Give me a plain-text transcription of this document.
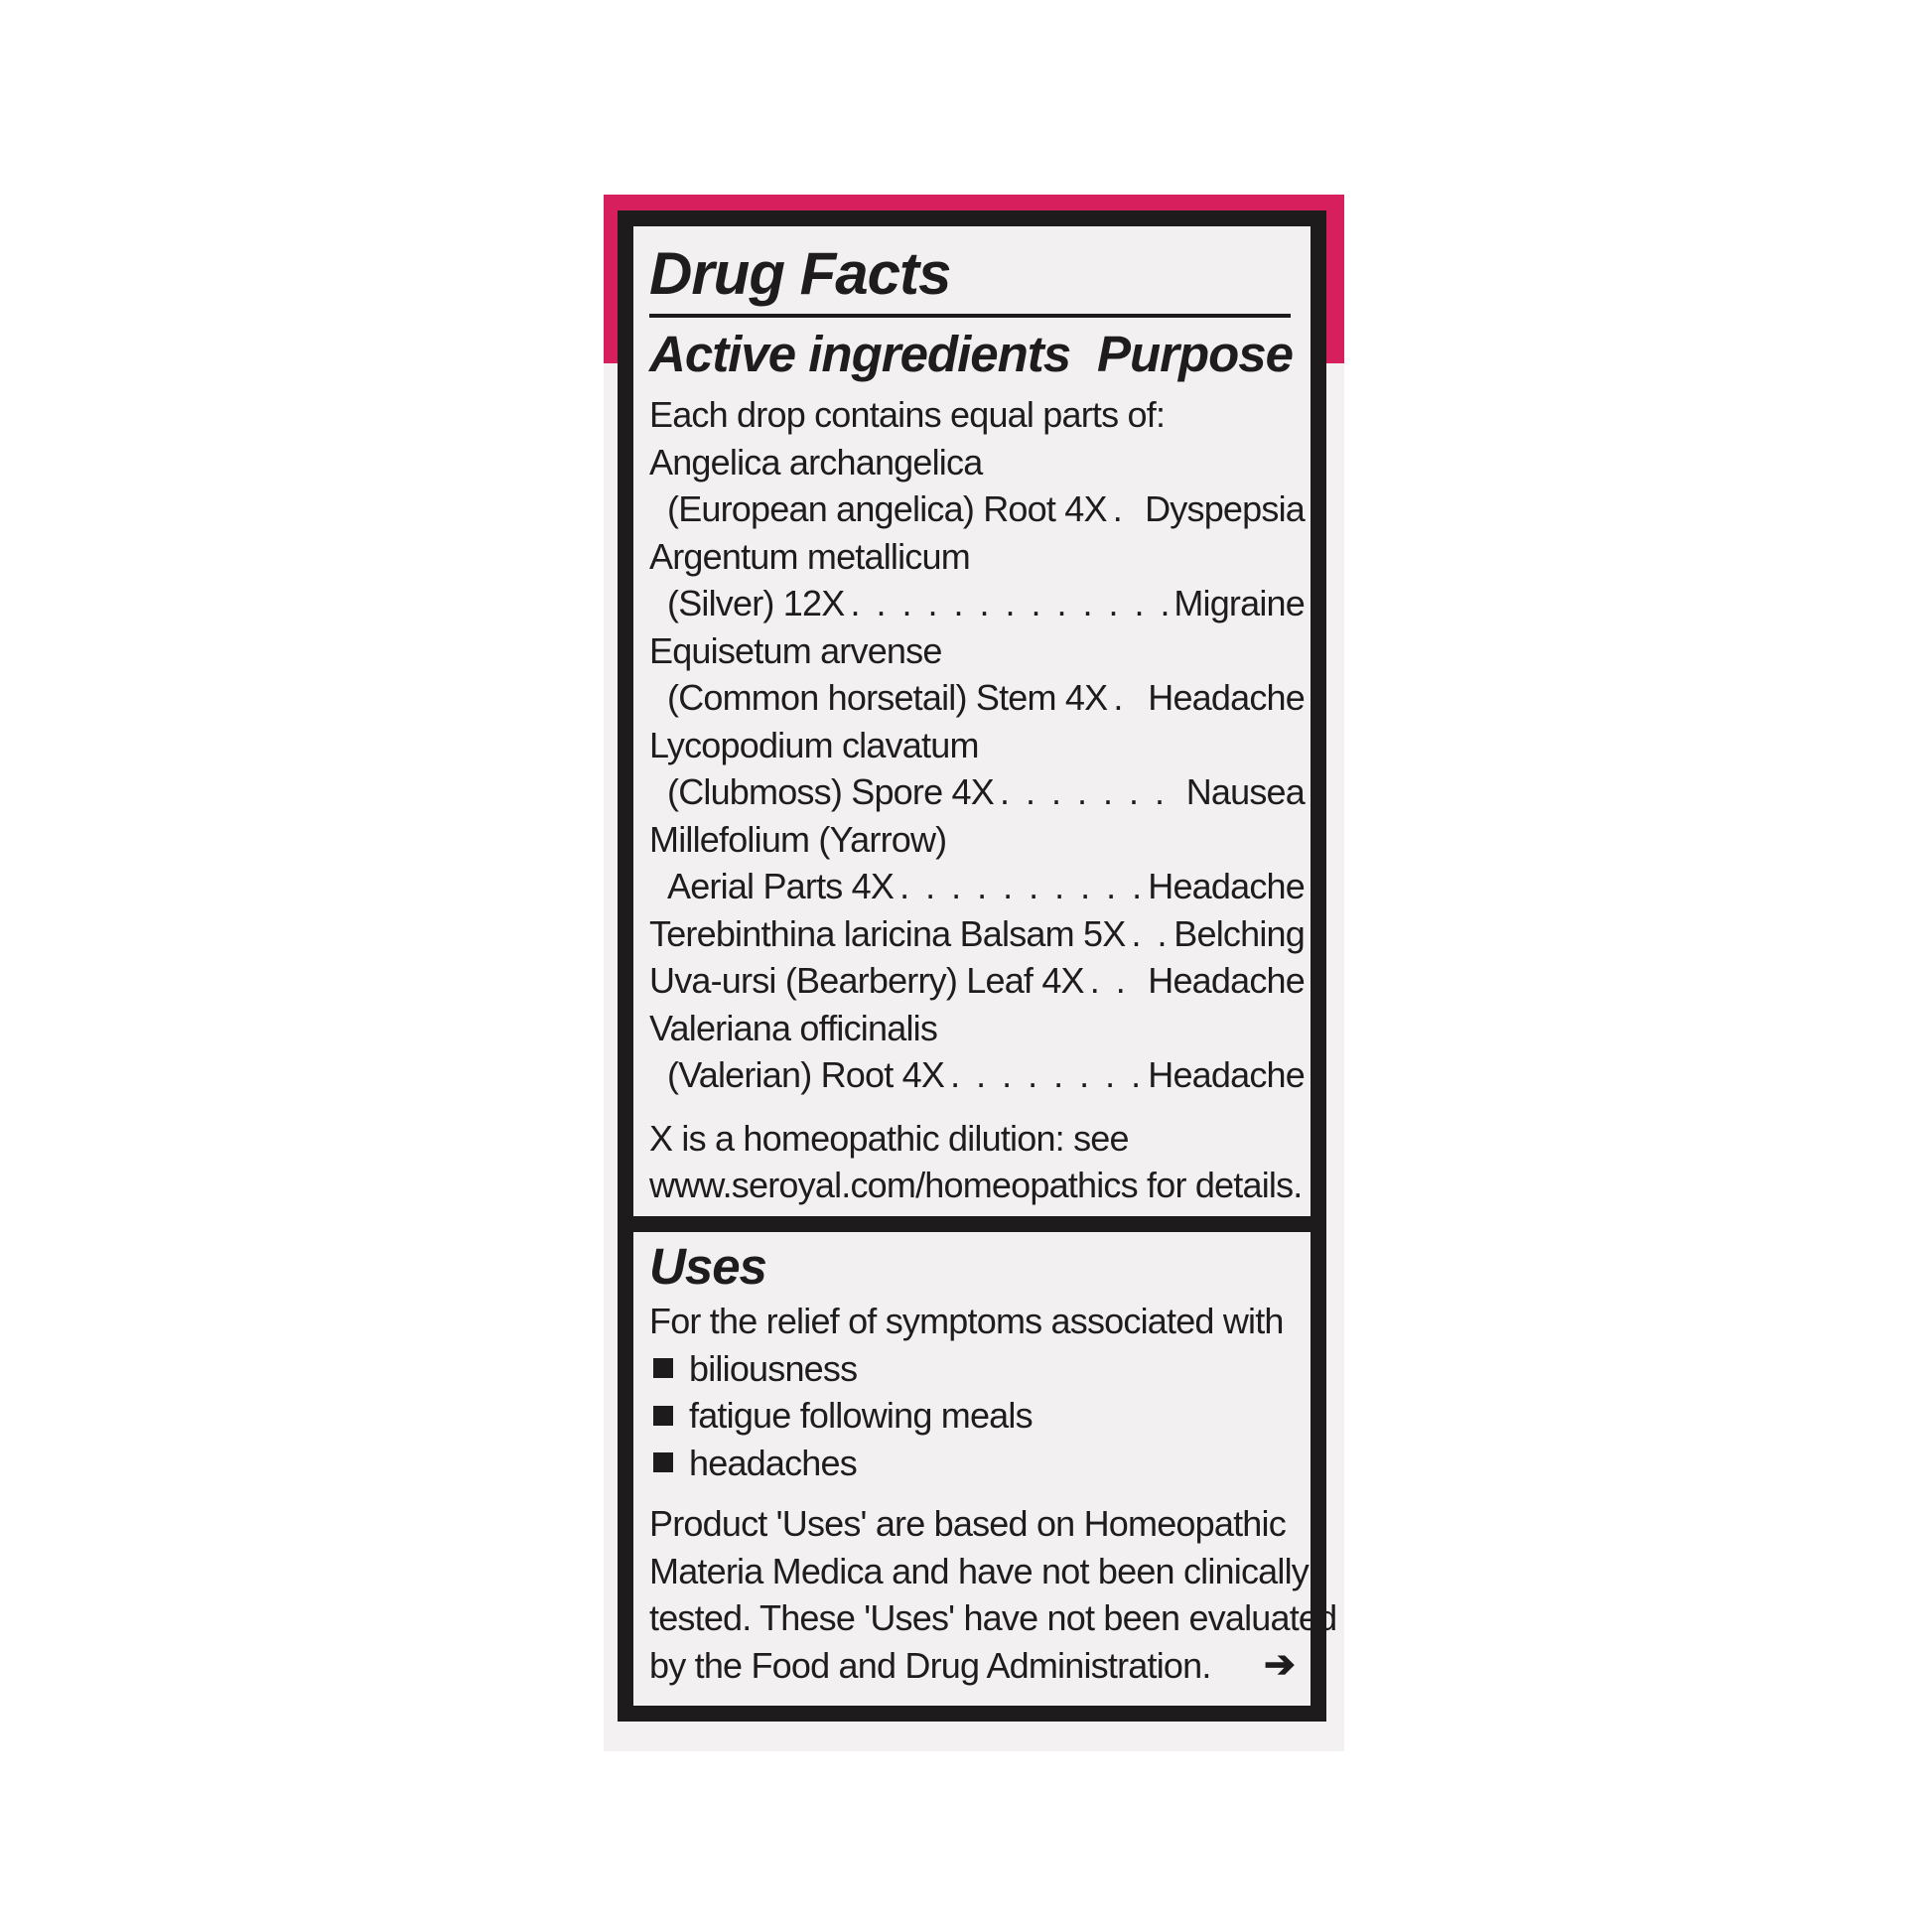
Drug Facts
Active ingredients Purpose
Each drop contains equal parts of:
Angelica archangelica
(European angelica) Root 4X . . . Dyspepsia
Argentum metallicum
(Silver) 12X . . .	Migraine
Equisetum arvense
(Common horsetail) Stem 4X . . . Headache
Lycopodium clavatum
(Clubmoss) Spore 4X . . .	Nausea
Millefolium (Yarrow)
Aerial Parts 4X . . .	Headache
Terebinthina laricina Balsam 5X . . . Belching
Uva-ursi (Bearberry) Leaf 4X . . . Headache
Valeriana officinalis
(Valerian) Root 4X . . .	Headache
X is a homeopathic dilution: see
www.seroyal.com/homeopathics for details.
Uses
For the relief of symptoms associated with
biliousness
fatigue following meals
headaches
Product 'Uses' are based on Homeopathic
Materia Medica and have not been clinically
tested. These 'Uses' have not been evaluated
by the Food and Drug Administration. ➔
